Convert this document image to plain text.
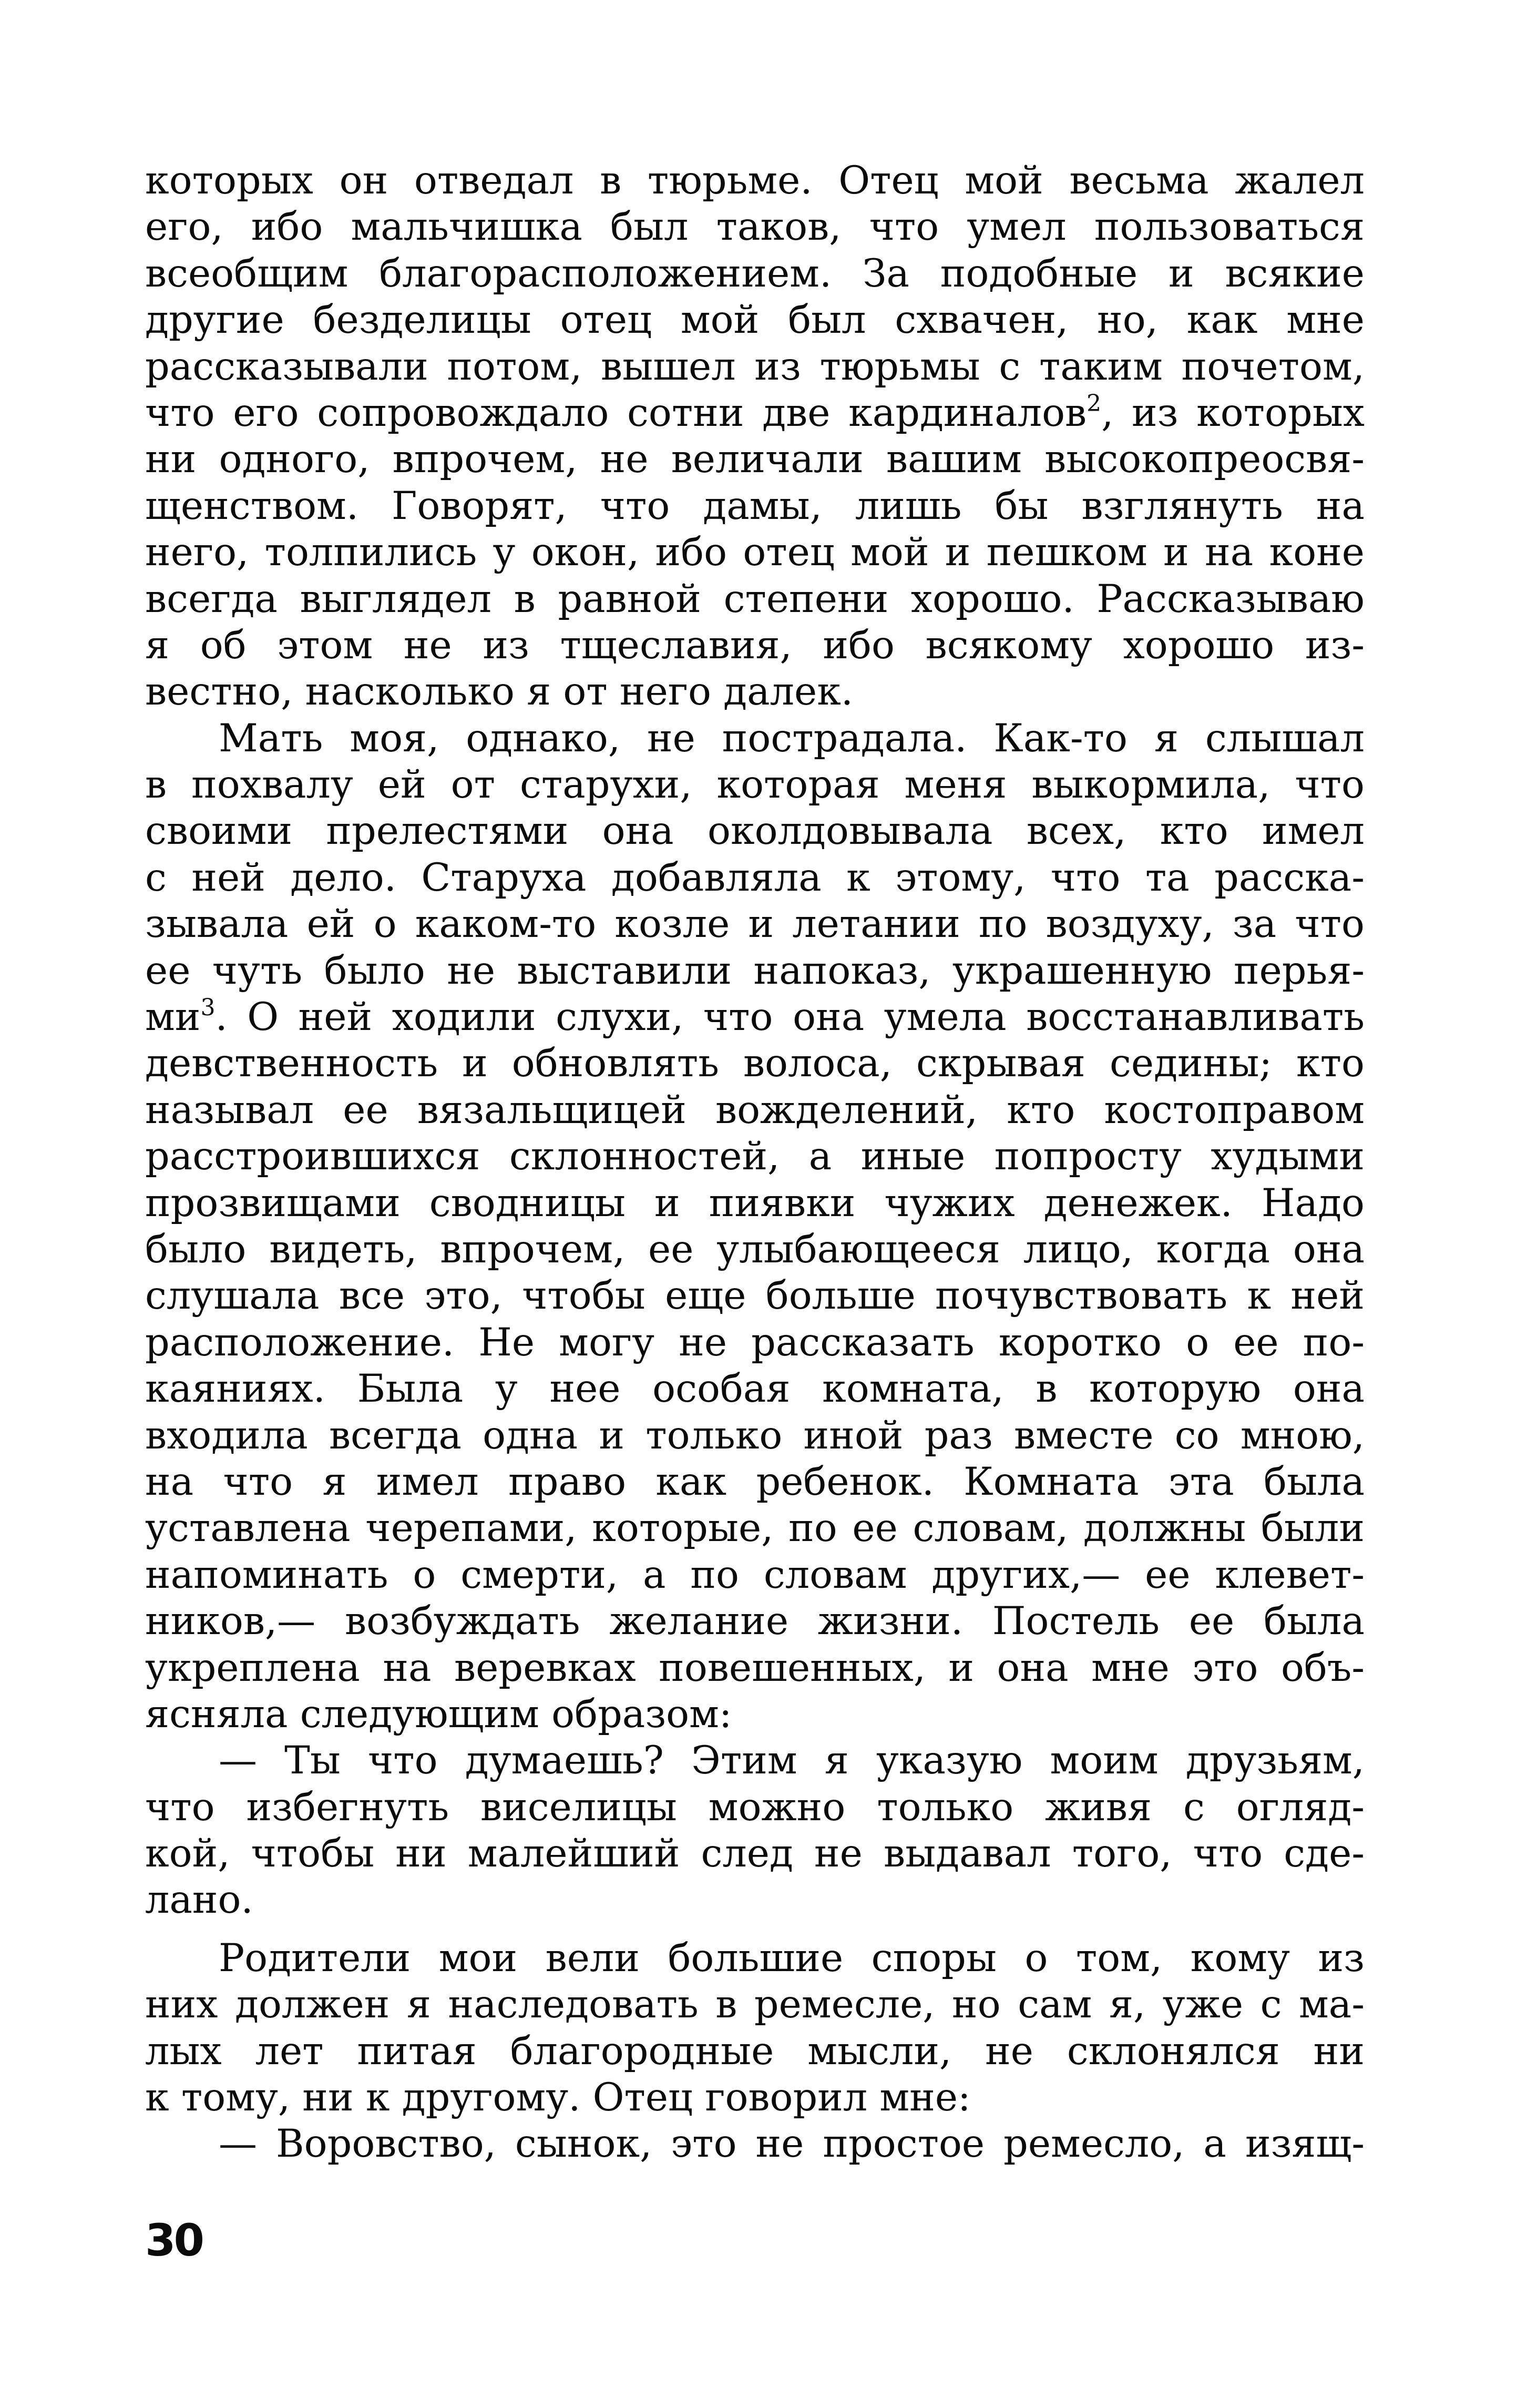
которых он отведал в тюрьме. Отец мой весьма жалел
его, ибо мальчишка был таков, что умел пользоваться
всеобщим благорасположением. За подобные и всякие
другие безделицы отец мой был схвачен, но, как мне
рассказывали потом, вышел из тюрьмы с таким почетом,
что его сопровождало сотни две кардиналов$^2$, из которых
ни одного, впрочем, не величали вашим высокопреосвя-
щенством. Говорят, что дамы, лишь бы взглянуть на
него, толпились у окон, ибо отец мой и пешком и на коне
всегда выглядел в равной степени хорошо. Рассказываю
я об этом не из тщеславия, ибо всякому хорошо из-
вестно, насколько я от него далек.
Мать моя, однако, не пострадала. Как-то я слышал
в похвалу ей от старухи, которая меня выкормила, что
своими прелестями она околдовывала всех, кто имел
с ней дело. Старуха добавляла к этому, что та расска-
зывала ей о каком-то козле и летании по воздуху, за что
ее чуть было не выставили напоказ, украшенную перья-
ми$^3$. О ней ходили слухи, что она умела восстанавливать
девственность и обновлять волоса, скрывая седины; кто
называл ее вязальщицей вожделений, кто костоправом
расстроившихся склонностей, а иные попросту худыми
прозвищами сводницы и пиявки чужих денежек. Надо
было видеть, впрочем, ее улыбающееся лицо, когда она
слушала все это, чтобы еще больше почувствовать к ней
расположение. Не могу не рассказать коротко о ее по-
каяниях. Была у нее особая комната, в которую она
входила всегда одна и только иной раз вместе со мною,
на что я имел право как ребенок. Комната эта была
уставлена черепами, которые, по ее словам, должны были
напоминать о смерти, а по словам других,— ее клевет-
ников,— возбуждать желание жизни. Постель ее была
укреплена на веревках повешенных, и она мне это объ-
ясняла следующим образом:
— Ты что думаешь? Этим я указую моим друзьям,
что избегнуть виселицы можно только живя с огляд-
кой, чтобы ни малейший след не выдавал того, что сде-
лано.
Родители мои вели большие споры о том, кому из
них должен я наследовать в ремесле, но сам я, уже с ма-
лых лет питая благородные мысли, не склонялся ни
к тому, ни к другому. Отец говорил мне:
— Воровство, сынок, это не простое ремесло, а изящ-
30
